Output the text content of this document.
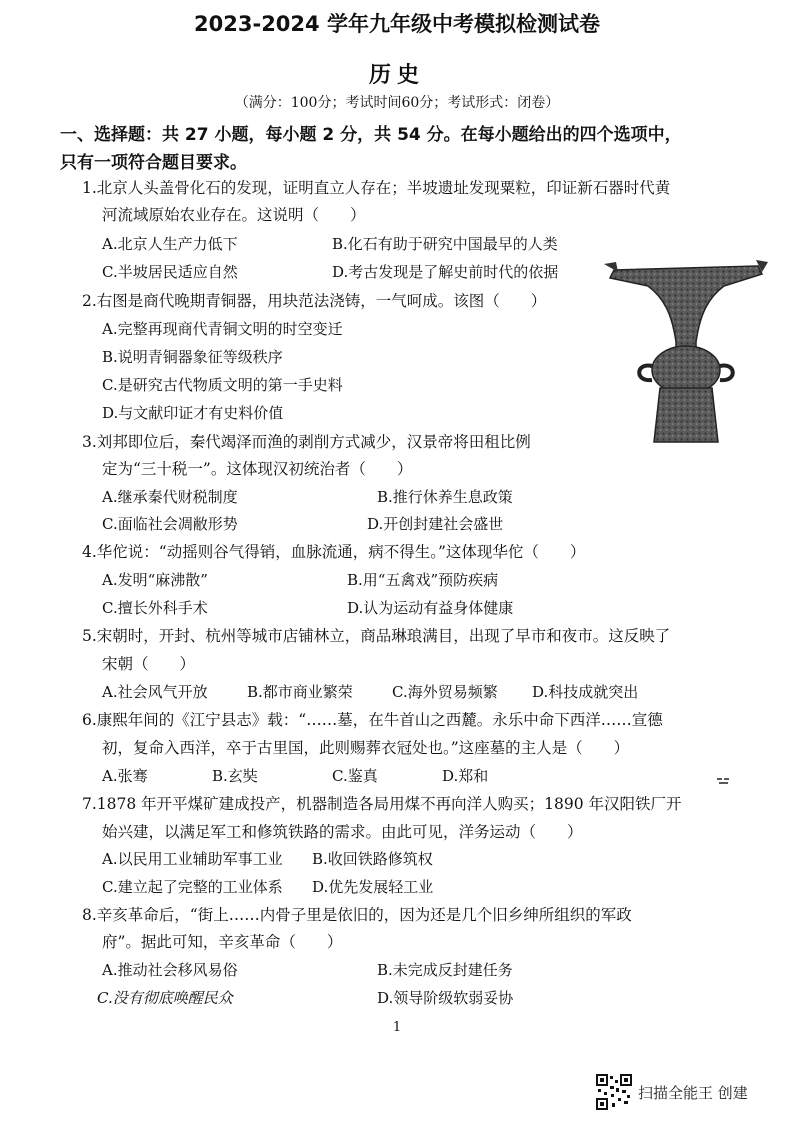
2023-2024 学年九年级中考模拟检测试卷
历史
（满分：100分；考试时间60分；考试形式：闭卷）
一、选择题：共 27 小题，每小题 2 分，共 54 分。在每小题给出的四个选项中，
只有一项符合题目要求。
1.北京人头盖骨化石的发现，证明直立人存在；半坡遗址发现粟粒，印证新石器时代黄
河流域原始农业存在。这说明（　　）
A.北京人生产力低下	B.化石有助于研究中国最早的人类
C.半坡居民适应自然	D.考古发现是了解史前时代的依据
2.右图是商代晚期青铜器，用块范法浇铸，一气呵成。该图（　　）
A.完整再现商代青铜文明的时空变迁
B.说明青铜器象征等级秩序
C.是研究古代物质文明的第一手史料
D.与文献印证才有史料价值
3.刘邦即位后，秦代竭泽而渔的剥削方式减少，汉景帝将田租比例
定为“三十税一”。这体现汉初统治者（　　）
A.继承秦代财税制度	B.推行休养生息政策
C.面临社会凋敝形势	D.开创封建社会盛世
4.华佗说：“动摇则谷气得销，血脉流通，病不得生。”这体现华佗（　　）
A.发明“麻沸散”	B.用“五禽戏”预防疾病
C.擅长外科手术	D.认为运动有益身体健康
5.宋朝时，开封、杭州等城市店铺林立，商品琳琅满目，出现了早市和夜市。这反映了
宋朝（　　）
A.社会风气开放	B.都市商业繁荣	C.海外贸易频繁 D.科技成就突出
6.康熙年间的《江宁县志》载：“……墓，在牛首山之西麓。永乐中命下西洋……宣德
初，复命入西洋，卒于古里国，此则赐葬衣冠处也。”这座墓的主人是（　　）
A.张骞	B.玄奘	C.鉴真	D.郑和
7.1878 年开平煤矿建成投产，机器制造各局用煤不再向洋人购买；1890 年汉阳铁厂开
始兴建，以满足军工和修筑铁路的需求。由此可见，洋务运动（　　）
A.以民用工业辅助军事工业 B.收回铁路修筑权
C.建立起了完整的工业体系 D.优先发展轻工业
8.辛亥革命后，“街上……内骨子里是依旧的，因为还是几个旧乡绅所组织的军政
府”。据此可知，辛亥革命（　　）
A.推动社会移风易俗	B.未完成反封建任务
C.没有彻底唤醒民众	D.领导阶级软弱妥协
1
扫描全能王 创建
